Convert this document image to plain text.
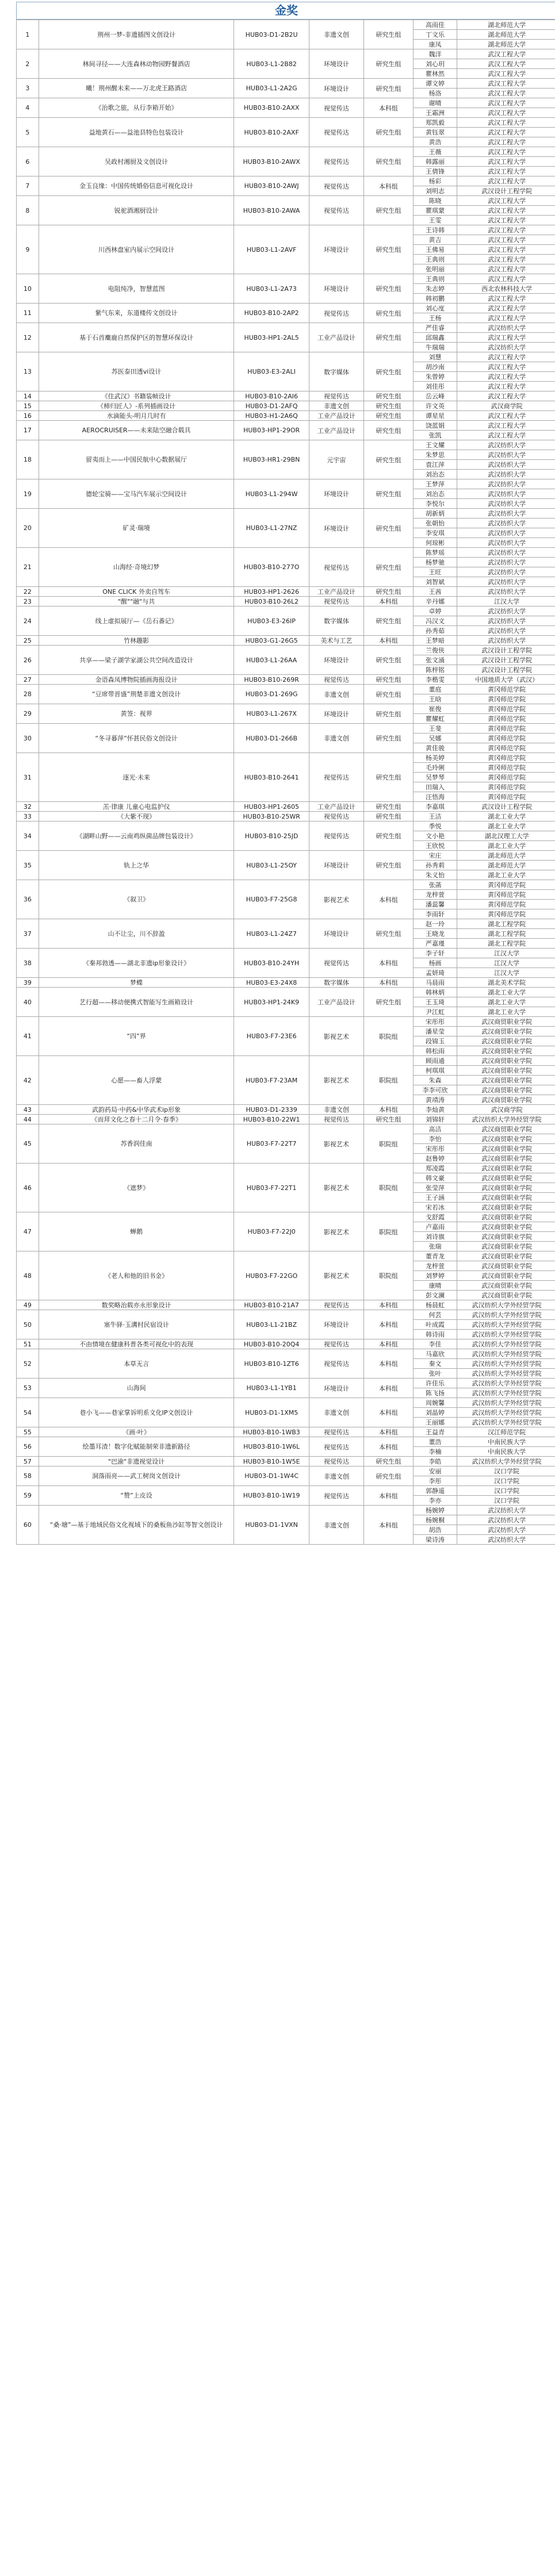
金奖
1	荆州一梦-非遗插图文创设计	HUB03-D1-2B2U	非遗文创	研究生组	高雨佳	湖北师范大学
					丁文乐	湖北师范大学
					康凤	湖北师范大学
2	林间寻径——大连森林动物园野餐酒店	HUB03-L1-2B82	环境设计	研究生组	魏洋	武汉工程大学
					刘心玥	武汉工程大学
					瞿林然	武汉工程大学
3	曦！荆州醒未来——万北虎王路酒店	HUB03-L1-2A2G	环境设计	研究生组	谭文婷	武汉工程大学
					杨洛	武汉工程大学
4	《治歌之旅，从行李箱开始》	HUB03-B10-2AXX	视觉传达	本科组	谢晴	武汉工程大学
					王霜洲	武汉工程大学
5	益地黄石——益池县特色包装设计	HUB03-B10-2AXF	视觉传达	研究生组	郑凯毅	武汉工程大学
					黄钰翠	武汉工程大学
					黄浩	武汉工程大学
6	吴政村湘厨及文创设计	HUB03-B10-2AWX	视觉传达	研究生组	王薇	武汉工程大学
					韩露丽	武汉工程大学
					王倩锋	武汉工程大学
7	金玉良缘：中国传统婚俗信息可视化设计	HUB03-B10-2AWJ	视觉传达	本科组	杨彩	武汉工程大学
					刘明志	武汉设计工程学院
8	锐驼酒湘厨设计	HUB03-B10-2AWA	视觉传达	研究生组	陈晓	武汉工程大学
					瞿琪蒙	武汉工程大学
					王雯	武汉工程大学
9	川西林盘室内展示空间设计	HUB03-L1-2AVF	环境设计	研究生组	王诗韩	武汉工程大学
					黄吉	武汉工程大学
					王佛易	武汉工程大学
					王典则	武汉工程大学
					张明丽	武汉工程大学
10	电阻纯净，智慧蓝图	HUB03-L1-2A73	环境设计	研究生组	王典则	武汉工程大学
					朱志婷	西北农林科技大学
					韩初鹏	武汉工程大学
11	紫气东来，东道楼传文创设计	HUB03-B10-2AP2	视觉传达	研究生组	刘心度	武汉工程大学
					王杨	武汉工程大学
12	基于石首麋鹿自然保护区的智慧环保设计	HUB03-HP1-2AL5	工业产品设计	研究生组	严佳睿	武汉纺织大学
					邱瑞鑫	武汉工程大学
					牛瑞瑞	武汉纺织大学
13	苏医泰田透vi设计	HUB03-E3-2ALI	数字媒体	研究生组	刘慧	武汉工程大学
					胡沙南	武汉工程大学
					朱曾婷	武汉工程大学
					刘佳彤	武汉工程大学
14	《住武汉》书籍装帧设计	HUB03-B10-2AI6	视觉传达	研究生组	岳云峰	武汉工程大学
15	《柿归匠人》-系列插画设计	HUB03-D1-2AFQ	非遗文创	研究生组	许文英	武汉商学院
16	水滴能头-明月几时有	HUB03-H1-2A6Q	工业产品设计	研究生组	谭星星	武汉工程大学
17	AEROCRUISER——未来陆空融合载具	HUB03-HP1-29OR	工业产品设计	研究生组	饶蓝娟	武汉工程大学
					张凯	武汉工程大学
18	留夷而上——中国民航中心数据展厅	HUB03-HR1-29BN	元宇宙	研究生组	王文耀	武汉纺织大学
					朱梦思	武汉纺织大学
					袁江萍	武汉纺织大学
					刘治态	武汉纺织大学
19	德轮宝骑——宝马汽车展示空间设计	HUB03-L1-294W	环境设计	研究生组	王梦萍	武汉纺织大学
					刘治态	武汉纺织大学
					李悦尔	武汉纺织大学
20	矿灵·瑞境	HUB03-L1-27NZ	环境设计	研究生组	胡新炳	武汉纺织大学
					张朝怡	武汉纺织大学
					李安琪	武汉纺织大学
					何琼彬	武汉纺织大学
21	山海经·奇境幻梦	HUB03-B10-277O	视觉传达	研究生组	陈梦瑶	武汉纺织大学
					杨梦驰	武汉纺织大学
					王旺	武汉纺织大学
					刘智斌	武汉纺织大学
22	ONE CLICK 外卖自驾车	HUB03-HP1-2626	工业产品设计	研究生组	王茜	武汉纺织大学
23	"醒""融"与共	HUB03-B10-26L2	视觉传达	本科组	辛丹娜	江汉大学
24	线上虚拟展厅—《岳石番记》	HUB03-E3-26IP	数字媒体	研究生组	卓婷	武汉纺织大学
					冯汉文	武汉纺织大学
					孙秀茹	武汉纺织大学
25	竹林趣影	HUB03-G1-26G5	美术与工艺	本科组	王梦暗	武汉纺织大学
26	共享——梁子湖学家湖公共空间改造设计	HUB03-L1-26AA	环境设计	研究生组	兰俊侠	武汉设计工程学院
					张文涌	武汉设计工程学院
					陈梓铭	武汉设计工程学院
27	金语森凤博物院插画海报设计	HUB03-B10-269R	视觉传达	研究生组	李楷雯	中国地质大学（武汉）
28	“豆席带晋盛”荆楚非遗文创设计	HUB03-D1-269G	非遗文创	研究生组	董庭	黄冈师范学院
					王晗	黄冈师范学院
29	黄签：视界	HUB03-L1-267X	环境设计	研究生组	崔俊	黄冈师范学院
					瞿耀虹	黄冈师范学院
30	“冬寻暮萍”怀甚民俗文创设计	HUB03-D1-266B	非遗文创	研究生组	王斐	黄冈师范学院
					吴娜	黄冈师范学院
					黄佳骏	黄冈师范学院
31	逐光·未来	HUB03-B10-2641	视觉传达	研究生组	杨美婷	黄冈师范学院
					毛玲俐	黄冈师范学院
					吴梦琴	黄冈师范学院
					田瑞入	黄冈师范学院
					汪悟海	黄冈师范学院
32	羔·律康 儿童心电监护仪	HUB03-HP1-2605	工业产品设计	研究生组	李嘉琪	武汉设计工程学院
33	《大紫不现》	HUB03-B10-25WR	视觉传达	研究生组	王洁	湖北工业大学
34	《湖畔山野——云南鸡纵菌品牌包装设计》	HUB03-B10-25JD	视觉传达	研究生组	季悦	湖北工业大学
					文小艳	湖北汉理工大学
					王欣悦	湖北工业大学
35	轨上之华	HUB03-L1-25OY	环境设计	研究生组	宋庄	湖北师范大学
					孙秀莉	湖北师范大学
					朱义怡	湖北工业大学
36	《叙卫》	HUB03-F7-25G8	影视艺术	本科组	张菡	黄冈师范学院
					龙梓萱	黄冈师范学院
					潘蕊馨	黄冈师范学院
					李雨轩	黄冈师范学院
37	山不让尘，川不辞盈	HUB03-L1-24Z7	环境设计	研究生组	赵一玲	湖北工程学院
					王晓龙	湖北工程学院
					严嘉瑾	湖北工程学院
38	《秦邦勃透——湖北非遗ip形象设计》	HUB03-B10-24YH	视觉传达	本科组	李子轩	江汉大学
					杨画	江汉大学
					孟妍琦	江汉大学
39	梦蝶	HUB03-E3-24X8	数字媒体	本科组	马晨雨	湖北美术学院
40	艺行超——移动便携式智能写生画箱设计	HUB03-HP1-24K9	工业产品设计	研究生组	韩林炳	湖北工业大学
					王玉琦	湖北工业大学
					尹江虹	湖北工业大学
41	“四”界	HUB03-F7-23E6	影视艺术	职院组	宋彤彤	武汉商贸职业学院
					潘星莹	武汉商贸职业学院
					段锦玉	武汉商贸职业学院
					韩松雨	武汉商贸职业学院
42	心愿——畜人浮蒙	HUB03-F7-23AM	影视艺术	职院组	顾雨通	武汉商贸职业学院
					柯琪琪	武汉商贸职业学院
					朱森	武汉商贸职业学院
					李李可欣	武汉商贸职业学院
					黄靖涛	武汉商贸职业学院
43	武韵药局·中药&中华武术ip形象	HUB03-D1-2339	非遗文创	本科组	李灿黄	武汉商学院
44	《而拜文化之春十二月令·春季》	HUB03-B10-22W1	视觉传达	研究生组	刘锦轩	武汉纺织大学外经贸学院
45	苏香润佳南	HUB03-F7-22T7	影视艺术	职院组	高洁	武汉商贸职业学院
					李怡	武汉商贸职业学院
					宋彤彤	武汉商贸职业学院
					赵鲁婷	武汉商贸职业学院
46	《遮梦》	HUB03-F7-22T1	影视艺术	职院组	郑凌霞	武汉商贸职业学院
					韩文豪	武汉商贸职业学院
					张莹萍	武汉商贸职业学院
					王子涵	武汉商贸职业学院
					宋若冰	武汉商贸职业学院
47	蝉鹅	HUB03-F7-22J0	影视艺术	职院组	戈舒霞	武汉商贸职业学院
					卢嘉雨	武汉商贸职业学院
					刘诗旗	武汉商贸职业学院
					张瑞	武汉商贸职业学院
48	《老人和他的旧书金》	HUB03-F7-22GO	影视艺术	职院组	董青龙	武汉商贸职业学院
					龙梓萱	武汉商贸职业学院
					刘梦婷	武汉商贸职业学院
					康晴	武汉商贸职业学院
					彭文澜	武汉商贸职业学院
49	数奖略治载亦永形象设计	HUB03-B10-21A7	视觉传达	本科组	杨晨虹	武汉纺织大学外经贸学院
50	塞牛驿·玉溝村民宿设计	HUB03-L1-21BZ	环境设计	本科组	何芸	武汉纺织大学外经贸学院
					叶成霞	武汉纺织大学外经贸学院
					韩诗雨	武汉纺织大学外经贸学院
51	不由情境在健康科普各类可视化中的表现	HUB03-B10-20Q4	视觉传达	本科组	李佳	武汉纺织大学外经贸学院
52	本草无言	HUB03-B10-1ZT6	视觉传达	本科组	马嘉欣	武汉纺织大学外经贸学院
					秦文	武汉纺织大学外经贸学院
					张叶	武汉纺织大学外经贸学院
53	山海间	HUB03-L1-1YB1	环境设计	本科组	许佳乐	武汉纺织大学外经贸学院
					陈飞扬	武汉纺织大学外经贸学院
54	巷小飞——巷家掌诉明系文化IP文创设计	HUB03-D1-1XM5	非遗文创	本科组	周婉馨	武汉纺织大学外经贸学院
					刘晶婷	武汉纺织大学外经贸学院
					王丽娜	武汉纺织大学外经贸学院
55	《画·叶》	HUB03-B10-1WB3	视觉传达	本科组	王益青	汉江师范学院
56	绘墨耳渣！数字化赋能制荣非遗新路径	HUB03-B10-1W6L	视觉传达	本科组	董浩	中南民族大学
					李楠	中南民族大学
57	"巴渝"非遗视觉设计	HUB03-B10-1W5E	视觉传达	研究生组	李皓	武汉纺织大学外经贸学院
58	洞落雨亮——武工树岗文创设计	HUB03-D1-1W4C	非遗文创	研究生组	安丽	汉口学院
					李彤	汉口学院
59	“赞”上皮设	HUB03-B10-1W19	视觉传达	本科组	郭静遥	汉口学院
					李亦	汉口学院
60	“桑·塘”—基于地域民俗文化视域下的桑板鱼沙缸等智文创设计	HUB03-D1-1VXN	非遗文创	本科组	杨婉婷	武汉纺织大学
					杨婉桐	武汉纺织大学
					胡浩	武汉纺织大学
					梁诗涛	武汉纺织大学
